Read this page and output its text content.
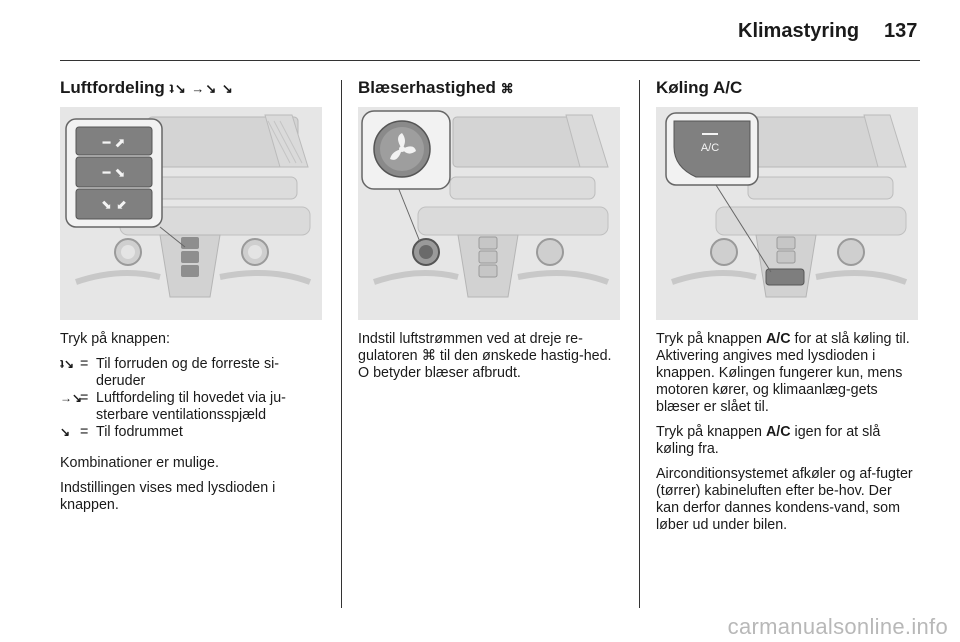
Klimastyring 137
Luftfordeling ʇ↘ →↘ ↘
━ ⬈
━ ⬊
⬊ ⬋

Tryk på knappen:

ʇ↘ = Til forruden og de forreste si-deruder
→↘
= Luftfordeling til hovedet via ju-sterbare ventilationsspjæld
↘ = Til fodrummet

Kombinationer er mulige.

Indstillingen vises med lysdioden i knappen.

Blæserhastighed ⌘

Indstil luftstrømmen ved at dreje re-gulatoren ⌘ til den ønskede hastig-hed. O betyder blæser afbrudt.

Køling A/C
A/C

Tryk på knappen A/C for at slå køling til. Aktivering angives med lysdioden i knappen. Kølingen fungerer kun, mens motoren kører, og klimaanlæg-gets blæser er slået til.

Tryk på knappen A/C igen for at slå køling fra.

Airconditionsystemet afkøler og af-fugter (tørrer) kabineluften efter be-hov. Der kan derfor dannes kondens-vand, som løber ud under bilen.

carmanualsonline.info
